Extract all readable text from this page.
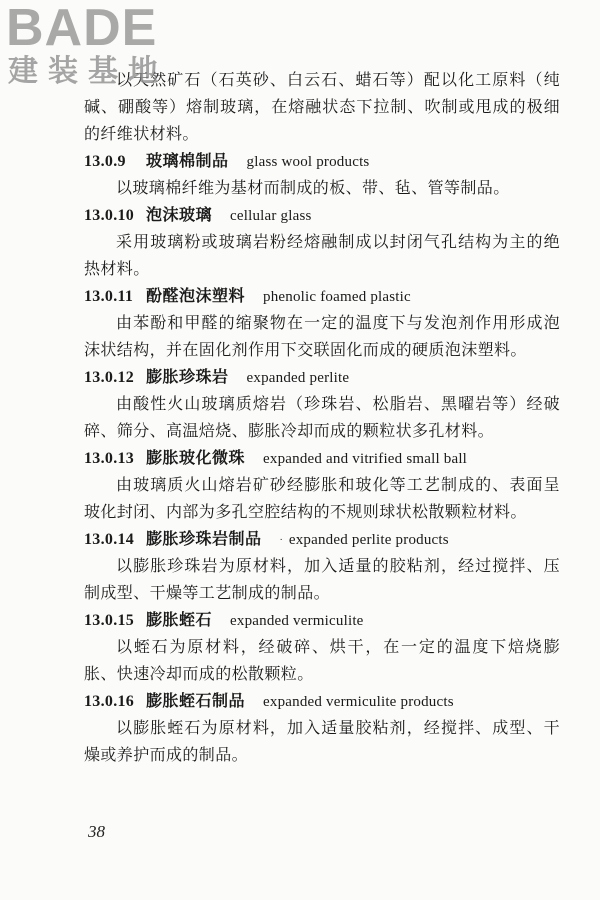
BADE
建装基地
以天然矿石（石英砂、白云石、蜡石等）配以化工原料（纯
碱、硼酸等）熔制玻璃，在熔融状态下拉制、吹制或甩成的极细
的纤维状材料。
13.0.9 玻璃棉制品 glass wool products
以玻璃棉纤维为基材而制成的板、带、毡、管等制品。
13.0.10 泡沫玻璃 cellular glass
采用玻璃粉或玻璃岩粉经熔融制成以封闭气孔结构为主的绝
热材料。
13.0.11 酚醛泡沫塑料 phenolic foamed plastic
由苯酚和甲醛的缩聚物在一定的温度下与发泡剂作用形成泡
沫状结构，并在固化剂作用下交联固化而成的硬质泡沫塑料。
13.0.12 膨胀珍珠岩 expanded perlite
由酸性火山玻璃质熔岩（珍珠岩、松脂岩、黑曜岩等）经破
碎、筛分、高温焙烧、膨胀冷却而成的颗粒状多孔材料。
13.0.13 膨胀玻化微珠 expanded and vitrified small ball
由玻璃质火山熔岩矿砂经膨胀和玻化等工艺制成的、表面呈
玻化封闭、内部为多孔空腔结构的不规则球状松散颗粒材料。
13.0.14 膨胀珍珠岩制品 · expanded perlite products
以膨胀珍珠岩为原材料，加入适量的胶粘剂，经过搅拌、压
制成型、干燥等工艺制成的制品。
13.0.15 膨胀蛭石 expanded vermiculite
以蛭石为原材料，经破碎、烘干，在一定的温度下焙烧膨
胀、快速冷却而成的松散颗粒。
13.0.16 膨胀蛭石制品 expanded vermiculite products
以膨胀蛭石为原材料，加入适量胶粘剂，经搅拌、成型、干
燥或养护而成的制品。
38
